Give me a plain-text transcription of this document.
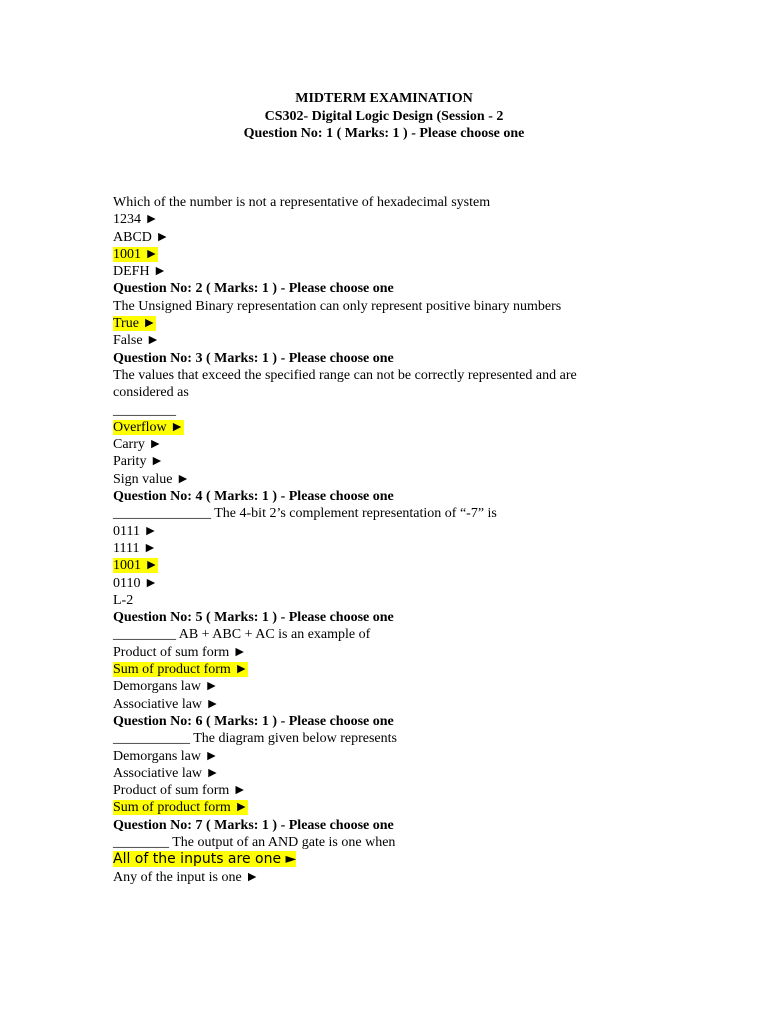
MIDTERM EXAMINATION
CS302- Digital Logic Design (Session - 2
Question No: 1 ( Marks: 1 ) - Please choose one
Which of the number is not a representative of hexadecimal system
1234 ►
ABCD ►
1001 ►
DEFH ►
Question No: 2 ( Marks: 1 ) - Please choose one
The Unsigned Binary representation can only represent positive binary numbers
True ►
False ►
Question No: 3 ( Marks: 1 ) - Please choose one
The values that exceed the specified range can not be correctly represented and are considered as
_________
Overflow ►
Carry ►
Parity ►
Sign value ►
Question No: 4 ( Marks: 1 ) - Please choose one
______________ The 4-bit 2’s complement representation of “-7” is
0111 ►
1111 ►
1001 ►
0110 ►
L-2
Question No: 5 ( Marks: 1 ) - Please choose one
_________ AB + ABC + AC is an example of
Product of sum form ►
Sum of product form ►
Demorgans law ►
Associative law ►
Question No: 6 ( Marks: 1 ) - Please choose one
___________ The diagram given below represents
Demorgans law ►
Associative law ►
Product of sum form ►
Sum of product form ►
Question No: 7 ( Marks: 1 ) - Please choose one
________ The output of an AND gate is one when
All of the inputs are one ►
Any of the input is one ►
